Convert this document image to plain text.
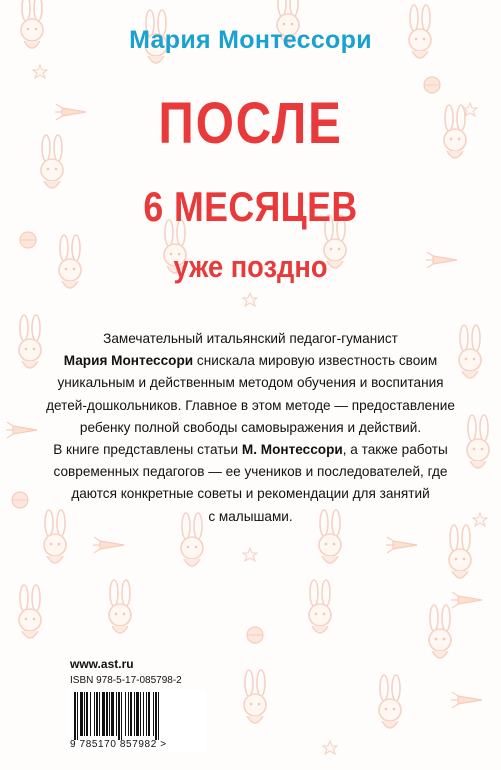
Мария Монтессори
ПОСЛЕ
6 МЕСЯЦЕВ
уже поздно
Замечательный итальянский педагог-гуманист
Мария Монтессори снискала мировую известность своим
уникальным и действенным методом обучения и воспитания
детей-дошкольников. Главное в этом методе — предоставление
ребенку полной свободы самовыражения и действий.
В книге представлены статьи М. Монтессори, а также работы
современных педагогов — ее учеников и последователей, где
даются конкретные советы и рекомендации для занятий
с малышами.
www.ast.ru
ISBN 978-5-17-085798-2
9 785170 857982 >
